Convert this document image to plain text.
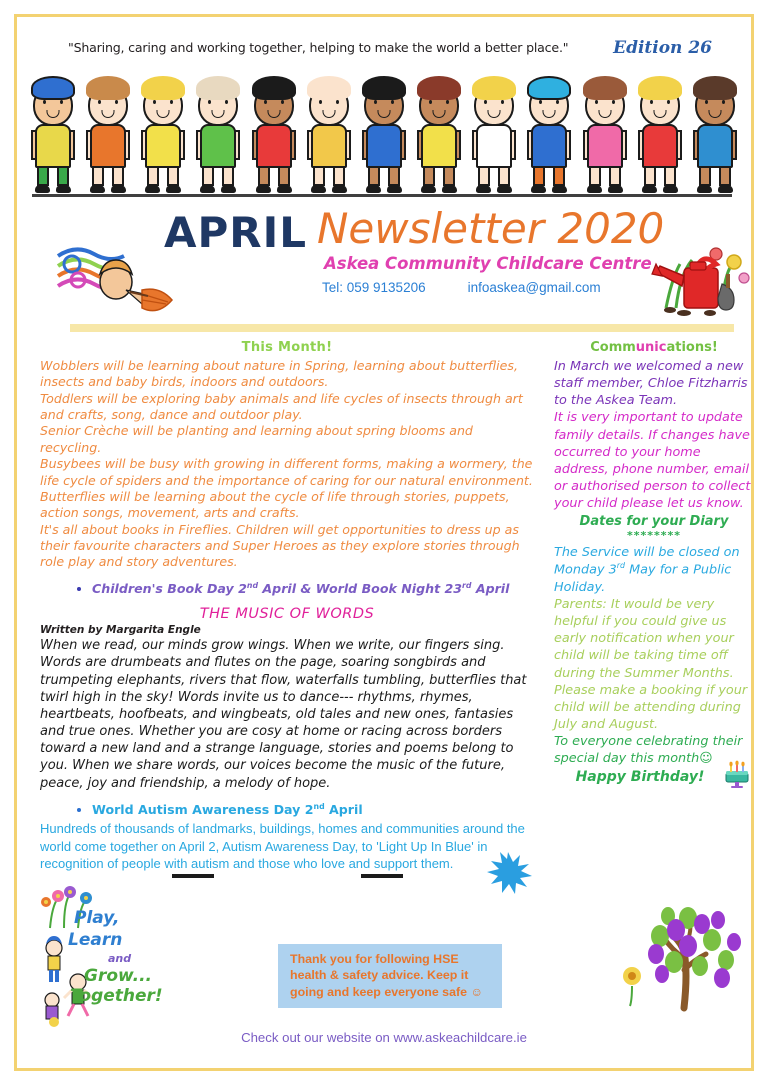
"Sharing, caring and working together, helping to make the world a better place."	Edition 26
APRIL Newsletter 2020
Askea Community Childcare Centre
Tel: 059 9135206	infoaskea@gmail.com
This Month!

Wobblers will be learning about nature in Spring, learning about butterflies, insects and baby birds, indoors and outdoors.

Toddlers will be exploring baby animals and life cycles of insects through art and crafts, song, dance and outdoor play.

Senior Crèche will be planting and learning about spring blooms and recycling.

Busybees will be busy with growing in different forms, making a wormery, the life cycle of spiders and the importance of caring for our natural environment.

Butterflies will be learning about the cycle of life through stories, puppets, action songs, movement, arts and crafts.

It's all about books in Fireflies. Children will get opportunities to dress up as their favourite characters and Super Heroes as they explore stories through role play and story adventures.

• Children's Book Day 2nd April & World Book Night 23rd April
THE MUSIC OF WORDS
Written by Margarita Engle

When we read, our minds grow wings. When we write, our fingers sing. Words are drumbeats and flutes on the page, soaring songbirds and trumpeting elephants, rivers that flow, waterfalls tumbling, butterflies that twirl high in the sky! Words invite us to dance--- rhythms, rhymes, heartbeats, hoofbeats, and wingbeats, old tales and new ones, fantasies and true ones. Whether you are cosy at home or racing across borders toward a new land and a strange language, stories and poems belong to you. When we share words, our voices become the music of the future, peace, joy and friendship, a melody of hope.

• World Autism Awareness Day 2nd April

Hundreds of thousands of landmarks, buildings, homes and communities around the world come together on April 2, Autism Awareness Day, to 'Light Up In Blue' in recognition of people with autism and those who love and support them.

Communications!

In March we welcomed a new staff member, Chloe Fitzharris to the Askea Team.

It is very important to update family details. If changes have occurred to your home address, phone number, email or authorised person to collect your child please let us know.

Dates for your Diary
********

The Service will be closed on Monday 3rd May for a Public Holiday.

Parents: It would be very helpful if you could give us early notification when your child will be taking time off during the Summer Months. Please make a booking if your child will be attending during July and August.

To everyone celebrating their special day this month☺

Happy Birthday!
Play,
Learn
and
Grow...
Together!

Thank you for following HSE health & safety advice. Keep it going and keep everyone safe ☺

Check out our website on www.askeachildcare.ie
